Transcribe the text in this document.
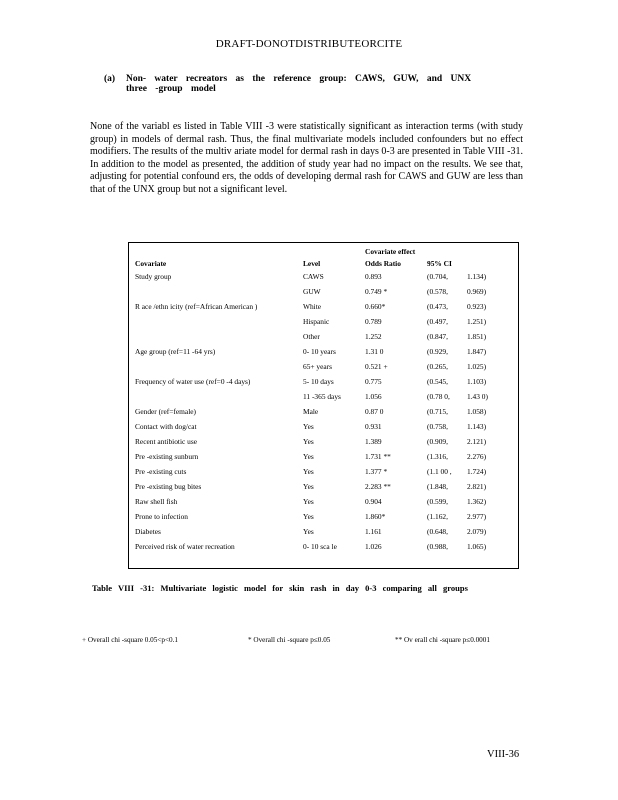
DRAFT-DONOTDISTRIBUTEORCITE
(a) Non- water recreators as the reference group: CAWS, GUW, and UNX
three -group model
None of the variabl es listed in Table VIII -3 were statistically significant as interaction terms (with study group) in models of dermal rash. Thus, the final multivariate models included confounders but no effect modifiers. The results of the multiv ariate model for dermal rash in days 0-3 are presented in Table VIII -31. In addition to the model as presented, the addition of study year had no impact on the results. We see that, adjusting for potential confound ers, the odds of developing dermal rash for CAWS and GUW are less than that of the UNX group but not a significant level.
		Covariate effect	
Covariate	Level	Odds Ratio	95% CI
Study group	CAWS	0.893	(0.704, 1.134)
	GUW	0.749 *	(0.578, 0.969)
R ace /ethn icity (ref=African American )	White	0.660*	(0.473, 0.923)
	Hispanic	0.789	(0.497, 1.251)
	Other	1.252	(0.847, 1.851)
Age group (ref=11 -64 yrs)	0- 10 years	1.31 0	(0.929, 1.847)
	65+ years	0.521 +	(0.265, 1.025)
Frequency of water use (ref=0 -4 days)	5- 10 days	0.775	(0.545, 1.103)
	11 -365 days	1.056	(0.78 0, 1.43 0)
Gender (ref=female)	Male	0.87 0	(0.715, 1.058)
Contact with dog/cat	Yes	0.931	(0.758, 1.143)
Recent antibiotic use	Yes	1.389	(0.909, 2.121)
Pre -existing sunburn	Yes	1.731 **	(1.316, 2.276)
Pre -existing cuts	Yes	1.377 *	(1.1 00 , 1.724)
Pre -existing bug bites	Yes	2.283 **	(1.848, 2.821)
Raw shell fish	Yes	0.904	(0.599, 1.362)
Prone to infection	Yes	1.860*	(1.162, 2.977)
Diabetes	Yes	1.161	(0.648, 2.079)
Perceived risk of water recreation	0- 10 sca le	1.026	(0.988, 1.065)
Table VIII -31: Multivariate logistic model for skin rash in day 0-3 comparing all groups
+ Overall chi -square 0.05<p<0.1	* Overall chi -square p≤0.05	** Ov erall chi -square p≤0.0001
VIII-36
